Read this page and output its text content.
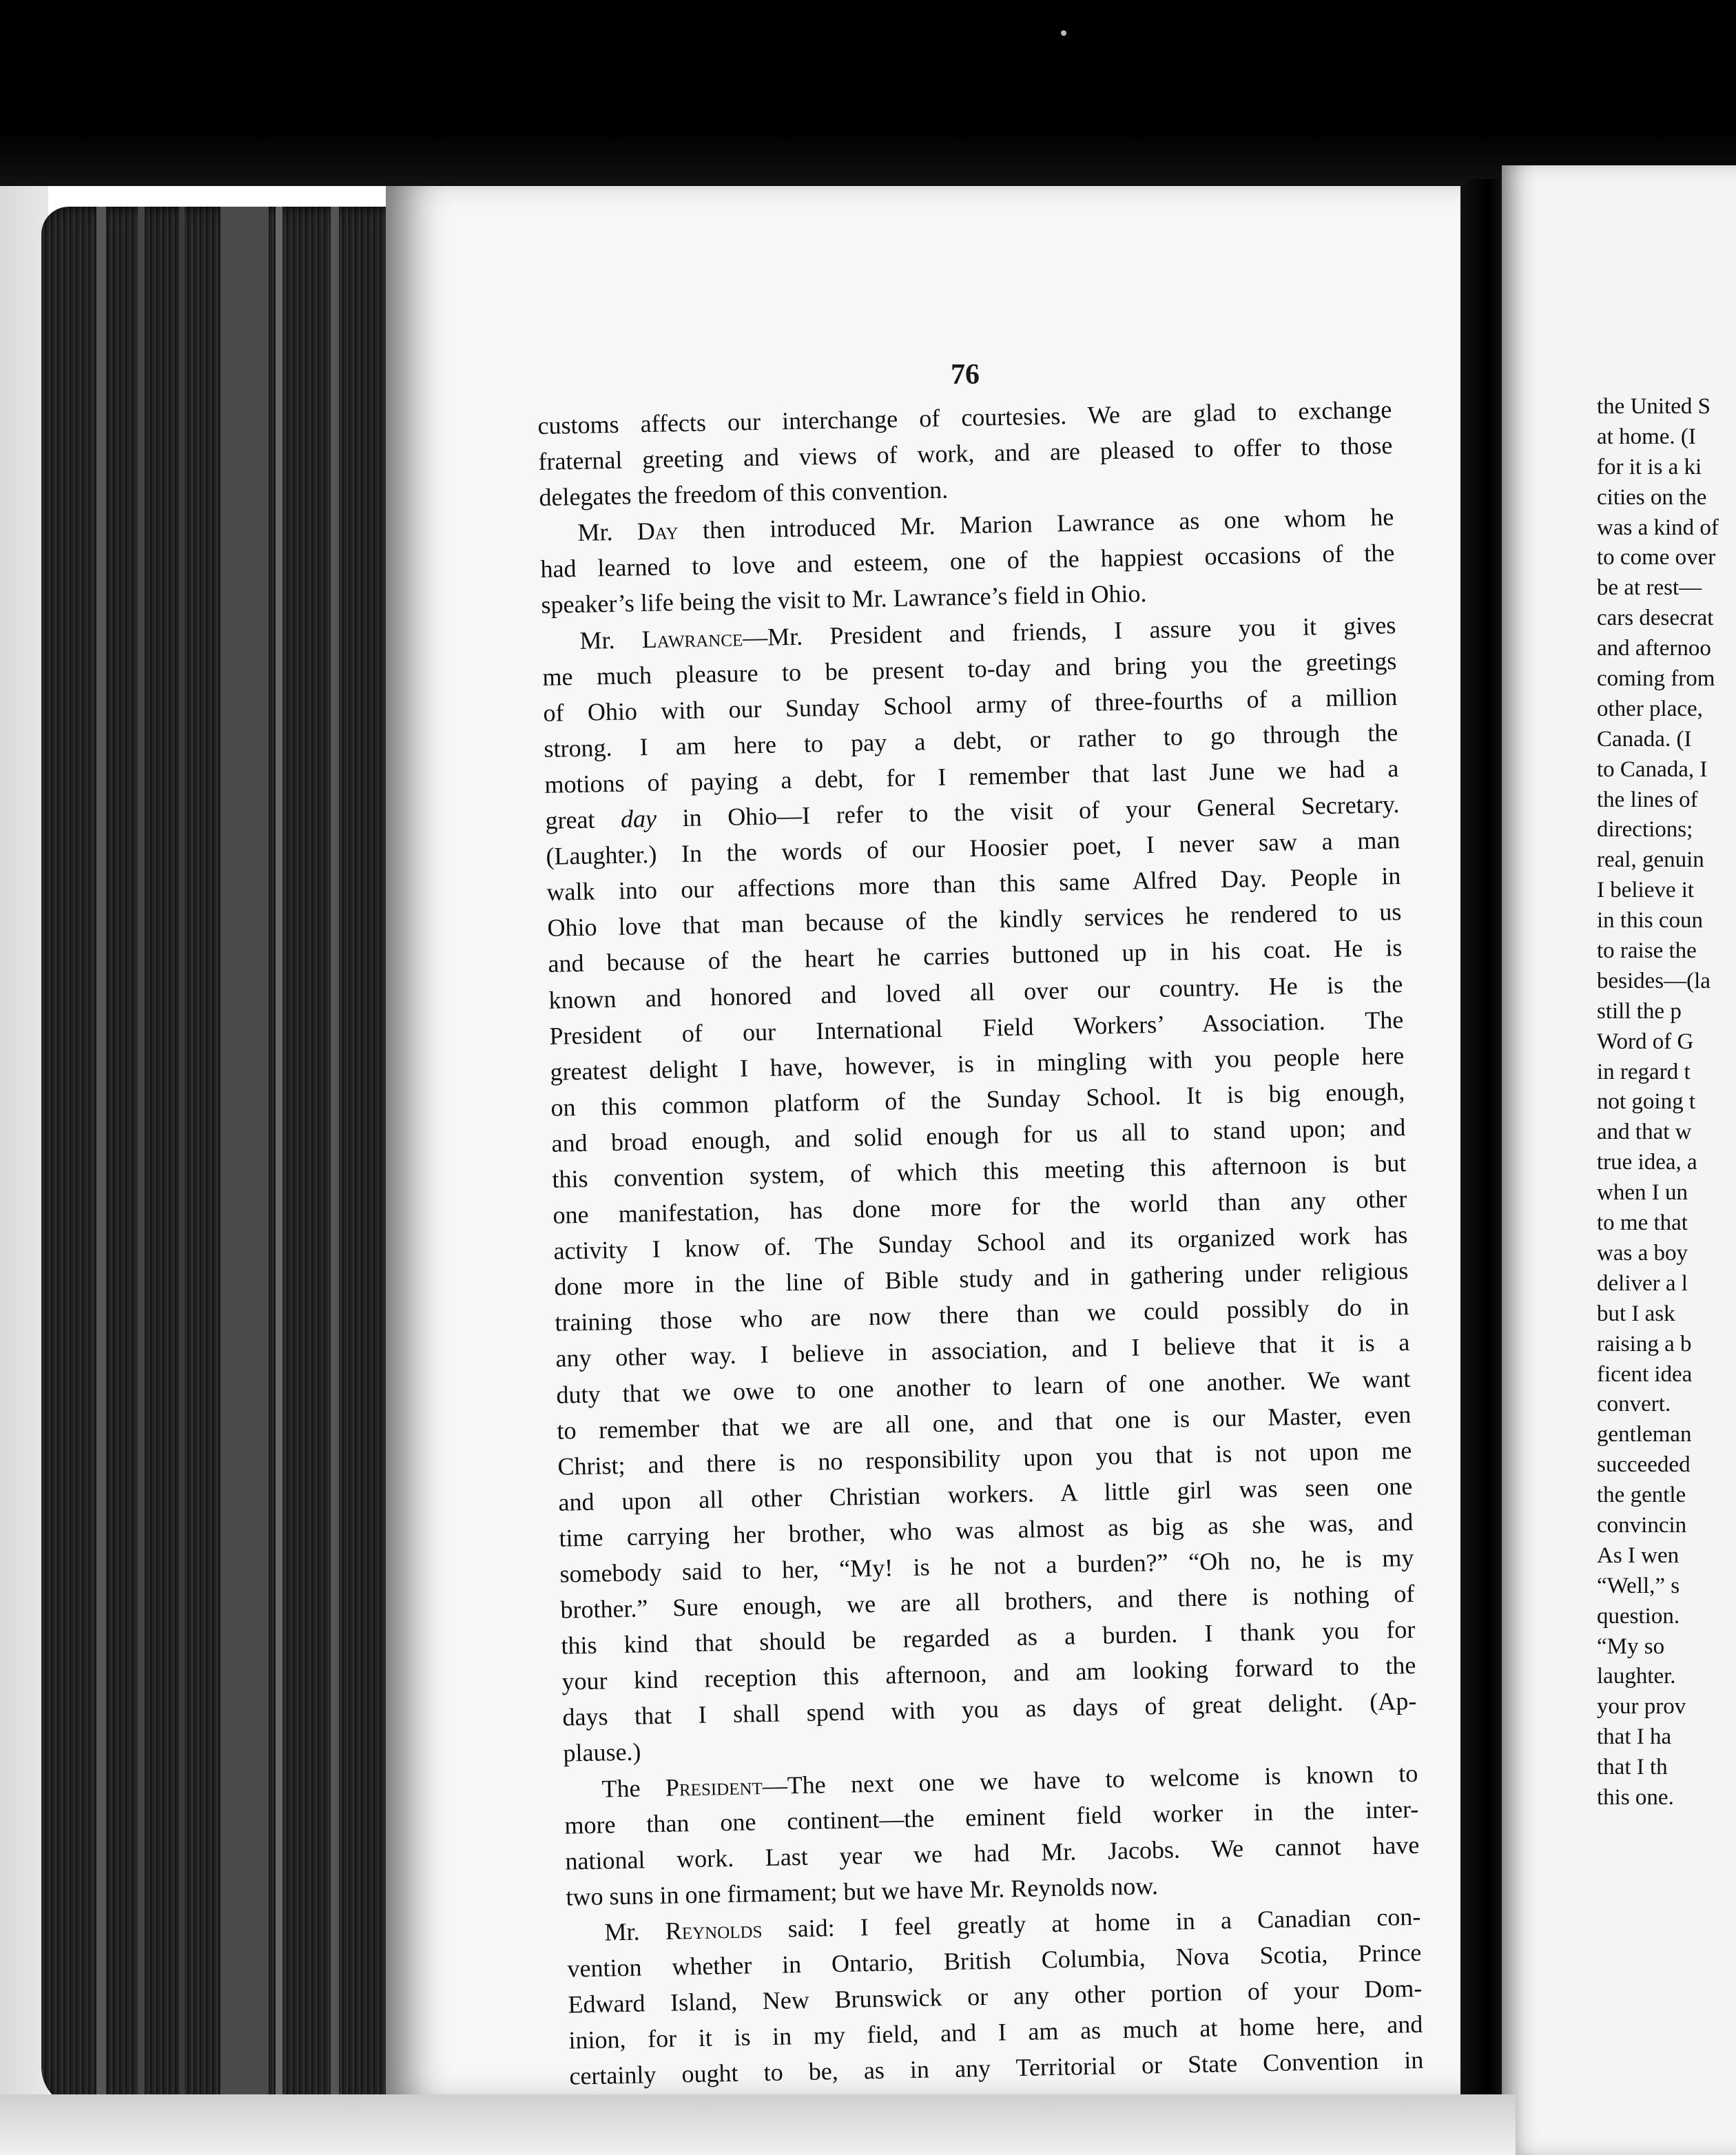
76
customs affects our interchange of courtesies. We are glad to exchange
fraternal greeting and views of work, and are pleased to offer to those
delegates the freedom of this convention.
Mr. Day then introduced Mr. Marion Lawrance as one whom he
had learned to love and esteem, one of the happiest occasions of the
speaker’s life being the visit to Mr. Lawrance’s field in Ohio.
Mr. Lawrance—Mr. President and friends, I assure you it gives
me much pleasure to be present to-day and bring you the greetings
of Ohio with our Sunday School army of three-fourths of a million
strong. I am here to pay a debt, or rather to go through the
motions of paying a debt, for I remember that last June we had a
great day in Ohio—I refer to the visit of your General Secretary.
(Laughter.) In the words of our Hoosier poet, I never saw a man
walk into our affections more than this same Alfred Day. People in
Ohio love that man because of the kindly services he rendered to us
and because of the heart he carries buttoned up in his coat. He is
known and honored and loved all over our country. He is the
President of our International Field Workers’ Association. The
greatest delight I have, however, is in mingling with you people here
on this common platform of the Sunday School. It is big enough,
and broad enough, and solid enough for us all to stand upon; and
this convention system, of which this meeting this afternoon is but
one manifestation, has done more for the world than any other
activity I know of. The Sunday School and its organized work has
done more in the line of Bible study and in gathering under religious
training those who are now there than we could possibly do in
any other way. I believe in association, and I believe that it is a
duty that we owe to one another to learn of one another. We want
to remember that we are all one, and that one is our Master, even
Christ; and there is no responsibility upon you that is not upon me
and upon all other Christian workers. A little girl was seen one
time carrying her brother, who was almost as big as she was, and
somebody said to her, “My! is he not a burden?” “Oh no, he is my
brother.” Sure enough, we are all brothers, and there is nothing of
this kind that should be regarded as a burden. I thank you for
your kind reception this afternoon, and am looking forward to the
days that I shall spend with you as days of great delight. (Ap-
plause.)
The President—The next one we have to welcome is known to
more than one continent—the eminent field worker in the inter-
national work. Last year we had Mr. Jacobs. We cannot have
two suns in one firmament; but we have Mr. Reynolds now.
Mr. Reynolds said: I feel greatly at home in a Canadian con-
vention whether in Ontario, British Columbia, Nova Scotia, Prince
Edward Island, New Brunswick or any other portion of your Dom-
inion, for it is in my field, and I am as much at home here, and
certainly ought to be, as in any Territorial or State Convention in
the United S
at home. (I
for it is a ki
cities on the
was a kind of
to come over
be at rest—
cars desecrat
and afternoo
coming from
other place,
Canada. (I
to Canada, I
the lines of
directions;
real, genuin
I believe it
in this coun
to raise the
besides—(la
still the p
Word of G
in regard t
not going t
and that w
true idea, a
when I un
to me that
was a boy
deliver a l
but I ask
raising a b
ficent idea
convert.
gentleman
succeeded
the gentle
convincin
As I wen
“Well,” s
question.
“My so
laughter.
your prov
that I ha
that I th
this one.
